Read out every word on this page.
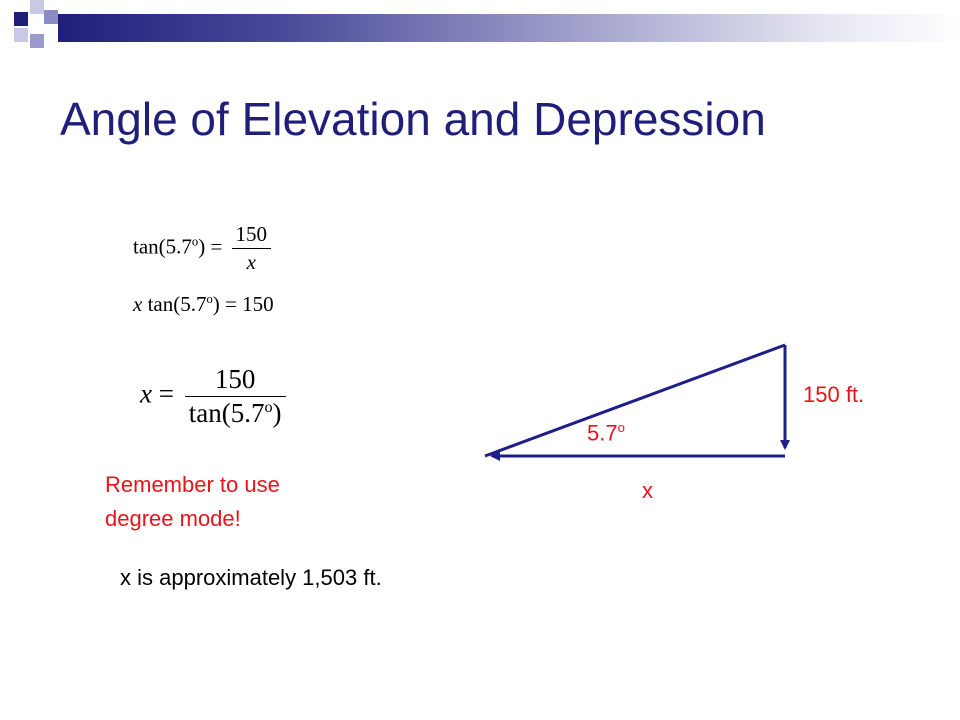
Angle of Elevation and Depression
$\tan(5.7^o) = \frac{150}{x}$
x $\tan(5.7^o) = 150$
$x = \frac{150}{\tan(5.7^o)}$
Remember to use
degree mode!
x is approximately 1,503 ft.
150 ft.
5.7$^o$
x
